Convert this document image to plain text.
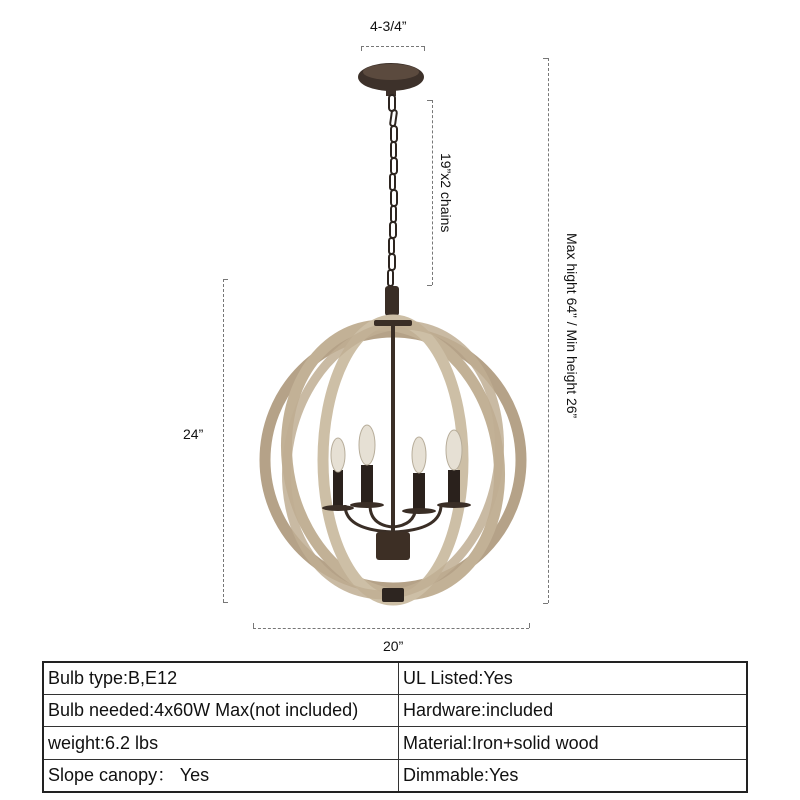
4-3/4”
19”x2 chains
Max hight 64” / Min height 26”
24”
20”
Bulb type:B,E12	UL Listed:Yes
Bulb needed:4x60W Max(not included)	Hardware:included
weight:6.2 lbs	Material:Iron+solid wood
Slope canopy： Yes	Dimmable:Yes
